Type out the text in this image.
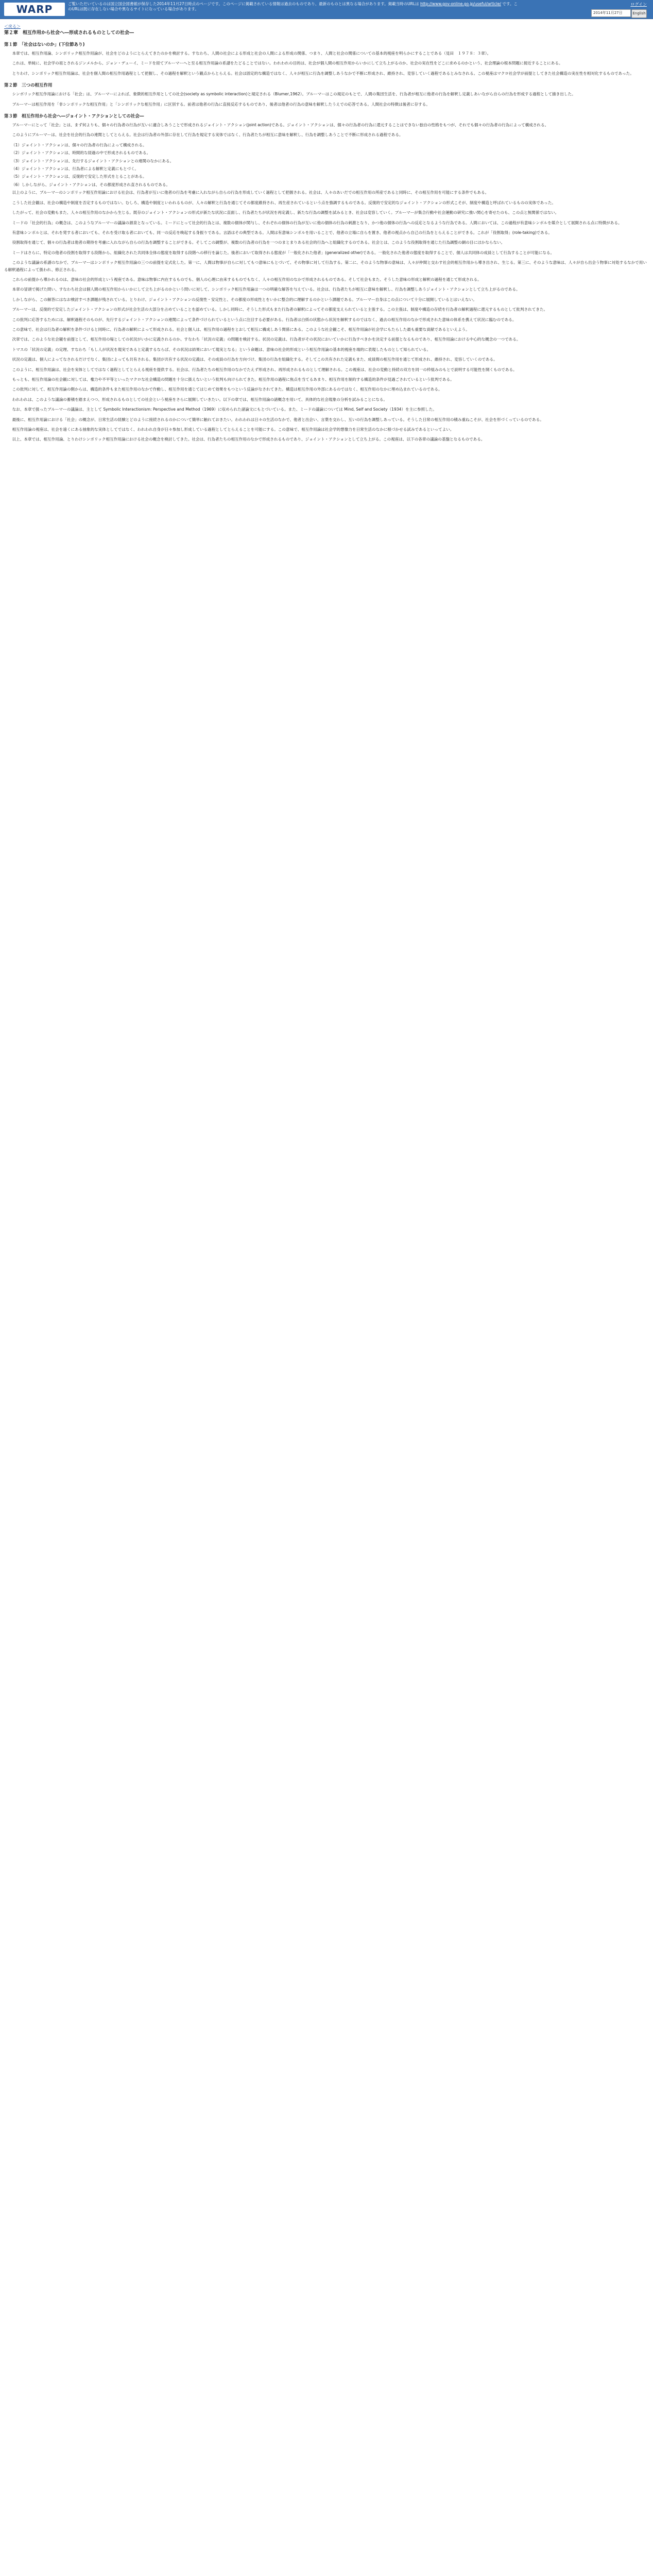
WARP	ご覧いただいているのは国立国会図書館が保存した2014年11月27日時点のページです。このページに掲載されている情報は過去のものであり、最新のものとは異なる場合があります。掲載当時のURLは http://www.gov-online.go.jp/useful/article/ です。このURLは既に存在しない場合や異なるサイトになっている場合があります。
ログイン
2014年11月27日	English
＜戻る＞
第２章　相互作用から社会へ―形成されるものとしての社会―
第１節　「社会はないのか」(下位節あり)

　本章では、相互作用論、シンボリック相互作用論が、社会をどのようにとらえてきたのかを検討する。すなわち、人間の社会による形成と社会の人間による形成の関係、つまり、人間と社会の関係についての基本的視座を明らかにすることである（見田　１９７８：３章）。

　これは、単純に、社会学の祖とされるジンメルから、ジョン・デューイ、ミードを経てブルーマーへと至る相互作用論の系譜をたどることではない。われわれの目的は、社会が個人間の相互作用からいかにして立ち上がるのか、社会の実在性をどこに求めるのかという、社会理論の根本問題に接近することにある。

　とりわけ、シンボリック相互作用論は、社会を個人間の相互作用過程として把握し、その過程を解釈という観点からとらえる。社会は固定的な構造ではなく、人々が相互に行為を調整しあうなかで不断に形成され、維持され、変容していく過程であるとみなされる。この視座はマクロ社会学が前提としてきた社会構造の実在性を相対化するものであった。

第２節　三つの相互作用

　シンボリック相互作用論における「社会」は、ブルーマーによれば、象徴的相互作用としての社会(society as symbolic interaction)と規定される（Blumer,1962）。ブルーマーはこの規定のもとで、人間の集団生活を、行為者が相互に他者の行為を解釈し定義しあいながら自らの行為を形成する過程として描き出した。

　ブルーマーは相互作用を「非シンボリックな相互作用」と「シンボリックな相互作用」に区別する。前者は他者の行為に直接反応するものであり、後者は他者の行為の意味を解釈したうえでの応答である。人間社会の特徴は後者に存する。

第３節　相互作用から社会へ―ジョイント・アクションとしての社会―

　ブルーマーにとって「社会」とは、まず何よりも、個々の行為者の行為が互いに適合しあうことで形成されるジョイント・アクション(joint action)である。ジョイント・アクションは、個々の行為者の行為に還元することはできない独自の性格をもつが、それでも個々の行為者の行為によって構成される。

　このようにブルーマーは、社会を社会的行為の連関としてとらえる。社会は行為者の外部に存在して行為を規定する実体ではなく、行為者たちが相互に意味を解釈し、行為を調整しあうことで不断に形成される過程である。

（1）ジョイント・アクションは、個々の行為者の行為によって構成される。
（2）ジョイント・アクションは、時間的な経過の中で形成されるものである。
（3）ジョイント・アクションは、先行するジョイント・アクションとの連関のなかにある。
（4）ジョイント・アクションは、行為者による解釈と定義にもとづく。
（5）ジョイント・アクションは、反復的で安定した形式をとることがある。
（6）しかしながら、ジョイント・アクションは、その都度形成され直されるものである。

　以上のように、ブルーマーのシンボリック相互作用論における社会は、行為者が互いに他者の行為を考慮に入れながら自らの行為を形成していく過程として把握される。社会は、人々のあいだでの相互作用の所産であると同時に、その相互作用を可能にする条件でもある。

　こうした社会観は、社会の構造や制度を否定するものではない。むしろ、構造や制度といわれるものが、人々の解釈と行為を通じてその都度維持され、再生産されているという点を強調するものである。反復的で安定的なジョイント・アクションの形式こそが、制度や構造と呼ばれているものの実体であった。

　したがって、社会の変動もまた、人々の相互作用のなかから生じる。既存のジョイント・アクションの形式が新たな状況に直面し、行為者たちが状況を再定義し、新たな行為の調整を試みるとき、社会は変容していく。ブルーマーが集合行動や社会運動の研究に強い関心を寄せたのも、この点と無関係ではない。

　ミードの「社会的行為」の概念は、このようなブルーマーの議論の源泉となっている。ミードにとって社会的行為とは、複数の個体が関与し、それぞれの個体の行為が互いに他の個体の行為の刺激となり、かつ他の個体の行為への反応となるような行為である。人間においては、この過程が有意味シンボルを媒介として展開される点に特徴がある。

　有意味シンボルとは、それを発する者においても、それを受け取る者においても、同一の反応を喚起する身振りである。言語はその典型である。人間は有意味シンボルを用いることで、他者の立場に自らを置き、他者の視点から自己の行為をとらえることができる。これが「役割取得」(role-taking)である。

　役割取得を通じて、個々の行為者は他者の期待を考慮に入れながら自らの行為を調整することができる。そしてこの調整が、複数の行為者の行為を一つのまとまりある社会的行為へと組織化するのである。社会とは、このような役割取得を通じた行為調整の網の目にほかならない。

　ミードはさらに、特定の他者の役割を取得する段階から、組織化された共同体全体の態度を取得する段階への移行を論じた。後者において取得される態度が「一般化された他者」(generalized other)である。一般化された他者の態度を取得することで、個人は共同体の成員として行為することが可能になる。

　このような議論の系譜のなかで、ブルーマーはシンボリック相互作用論の三つの前提を定式化した。第一に、人間は物事が自らに対してもつ意味にもとづいて、その物事に対して行為する。第二に、そのような物事の意味は、人々が仲間と交わす社会的相互作用から導き出され、生じる。第三に、そのような意味は、人々が自ら出会う物事に対処するなかで用いる解釈過程によって扱われ、修正される。

　これらの前提から導かれるのは、意味の社会的形成という視座である。意味は物事に内在するものでも、個人の心理に由来するものでもなく、人々の相互作用のなかで形成されるものである。そして社会もまた、そうした意味の形成と解釈の過程を通じて形成される。

　本章の冒頭で掲げた問い、すなわち社会は個人間の相互作用からいかにして立ち上がるのかという問いに対して、シンボリック相互作用論は一つの明確な解答を与えている。社会は、行為者たちが相互に意味を解釈し、行為を調整しあうジョイント・アクションとして立ち上がるのである。

　しかしながら、この解答にはなお検討すべき課題が残されている。とりわけ、ジョイント・アクションの反復性・安定性と、その都度の形成性とをいかに整合的に理解するのかという課題である。ブルーマー自身はこの点について十分に展開しているとはいえない。

　ブルーマーは、反復的で安定したジョイント・アクションの形式が社会生活の大部分を占めていることを認めている。しかし同時に、そうした形式もまた行為者の解釈によってその都度支えられていると主張する。この主張は、制度や構造の存続を行為者の解釈過程に還元するものとして批判されてきた。

　この批判に応答するためには、解釈過程そのものが、先行するジョイント・アクションの連関によって条件づけられているという点に注目する必要がある。行為者は白紙の状態から状況を解釈するのではなく、過去の相互作用のなかで形成された意味の体系を携えて状況に臨むのである。

　この意味で、社会は行為者の解釈を条件づけると同時に、行為者の解釈によって形成される。社会と個人は、相互作用の過程をとおして相互に構成しあう関係にある。このような社会観こそ、相互作用論が社会学にもたらした最も重要な貢献であるといえよう。

　次章では、このような社会観を前提として、相互作用の場としての状況がいかに定義されるのか、すなわち「状況の定義」の問題を検討する。状況の定義は、行為者がその状況においていかに行為すべきかを決定する前提となるものであり、相互作用論における中心的な概念の一つである。

　トマスの「状況の定義」の定理、すなわち「もし人が状況を現実であると定義するならば、その状況は結果において現実となる」という命題は、意味の社会的形成という相互作用論の基本的視座を端的に表現したものとして知られている。

　状況の定義は、個人によってなされるだけでなく、集団によっても共有される。集団が共有する状況の定義は、その成員の行為を方向づけ、集団の行為を組織化する。そしてこの共有された定義もまた、成員間の相互作用を通じて形成され、維持され、変容していくのである。

　このように、相互作用論は、社会を実体としてではなく過程としてとらえる視座を提供する。社会は、行為者たちの相互作用のなかでたえず形成され、再形成されるものとして理解される。この視座は、社会の変動と持続の双方を同一の枠組みのもとで説明する可能性を開くものである。

　もっとも、相互作用論の社会観に対しては、権力や不平等といったマクロな社会構造の問題を十分に扱えないという批判も向けられてきた。相互作用の過程に焦点を当てるあまり、相互作用を制約する構造的条件が見過ごされているという批判である。

　この批判に対して、相互作用論の側からは、構造的条件もまた相互作用のなかで作動し、相互作用を通じてはじめて効果をもつという反論がなされてきた。構造は相互作用の外部にあるのではなく、相互作用のなかに埋め込まれているのである。

　われわれは、このような議論の蓄積を踏まえつつ、形成されるものとしての社会という視座をさらに展開していきたい。以下の章では、相互作用論の諸概念を用いて、具体的な社会現象の分析を試みることになる。

　なお、本章で扱ったブルーマーの議論は、主として Symbolic Interactionism: Perspective and Method（1969）に収められた諸論文にもとづいている。また、ミードの議論については Mind, Self and Society（1934）を主に参照した。

　最後に、相互作用論における「社会」の概念が、日常生活の経験とどのように接続されるのかについて簡単に触れておきたい。われわれは日々の生活のなかで、他者と出会い、言葉を交わし、互いの行為を調整しあっている。そうした日常の相互作用の積み重ねこそが、社会を形づくっているのである。

　相互作用論の視座は、社会を遠くにある抽象的な実体としてではなく、われわれ自身が日々参加し形成している過程としてとらえることを可能にする。この意味で、相互作用論は社会学的想像力を日常生活のなかに根づかせる試みであるといってよい。

　以上、本章では、相互作用論、とりわけシンボリック相互作用論における社会の概念を検討してきた。社会は、行為者たちの相互作用のなかで形成されるものであり、ジョイント・アクションとして立ち上がる。この視座は、以下の各章の議論の基盤となるものである。
